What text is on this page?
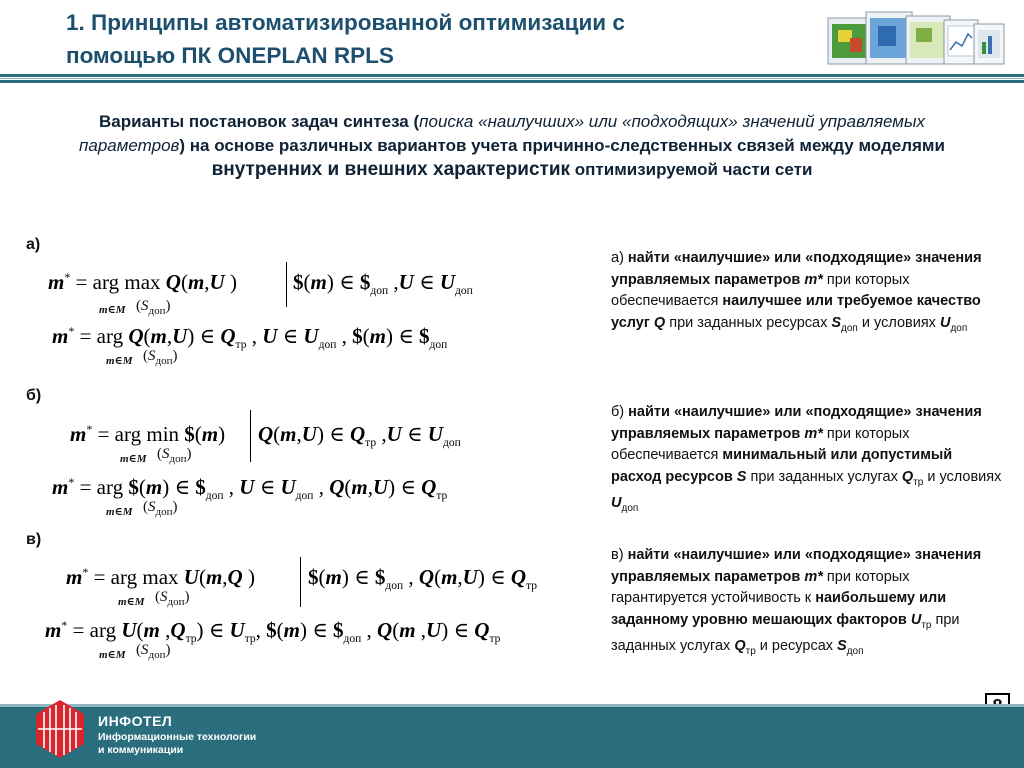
1. Принципы автоматизированной оптимизации с
помощью ПК ONEPLAN RPLS
Варианты постановок задач синтеза (поиска «наилучших» или «подходящих» значений управляемых параметров) на основе различных вариантов учета причинно-следственных связей между моделями внутренних и внешних характеристик оптимизируемой части сети
а)
б)
в)
m* = arg max Q(m,U )
m∈M $(S_{доп})$
$(m) ∈ $\$_{доп}$ ,U ∈ $U_{доп}$
m* = arg Q(m,U) ∈ $Q_{тр}$ , U ∈ $U_{доп}$ , $(m) ∈ $\$_{доп}$
m∈M $(S_{доп})$
m* = arg min $(m) Q(m,U) ∈ $Q_{тр}$ ,U ∈ $U_{доп}$
m∈M $(S_{доп})$
m* = arg $(m) ∈ $\$_{доп}$ , U ∈ $U_{доп}$ , Q(m,U) ∈ $Q_{тр}$
m∈M $(S_{доп})$
m* = arg max U(m,Q )	$(m) ∈ $\$_{доп}$ , Q(m,U) ∈ $Q_{тр}$
m∈M $(S_{доп})$
m* = arg U(m $,Q_{тр}$) ∈ $U_{тр}$, $(m) ∈ $\$_{доп}$ , Q(m ,U) ∈ $Q_{тр}$
m∈M $(S_{доп})$
а) найти «наилучшие» или «подходящие» значения управляемых параметров m* при которых обеспечивается наилучшее или требуемое качество услуг Q при заданных ресурсах $S_{доп}$ и условиях $U_{доп}$
б) найти «наилучшие» или «подходящие» значения управляемых параметров m* при которых обеспечивается минимальный или допустимый расход ресурсов S при заданных услугах $Q_{тр}$ и условиях $U_{доп}$
в) найти «наилучшие» или «подходящие» значения управляемых параметров m* при которых гарантируется устойчивость к наибольшему или заданному уровню мешающих факторов $U_{тр}$ при заданных услугах $Q_{тр}$ и ресурсах $S_{доп}$
ИНФОТЕЛ
Информационные технологии
и коммуникации
